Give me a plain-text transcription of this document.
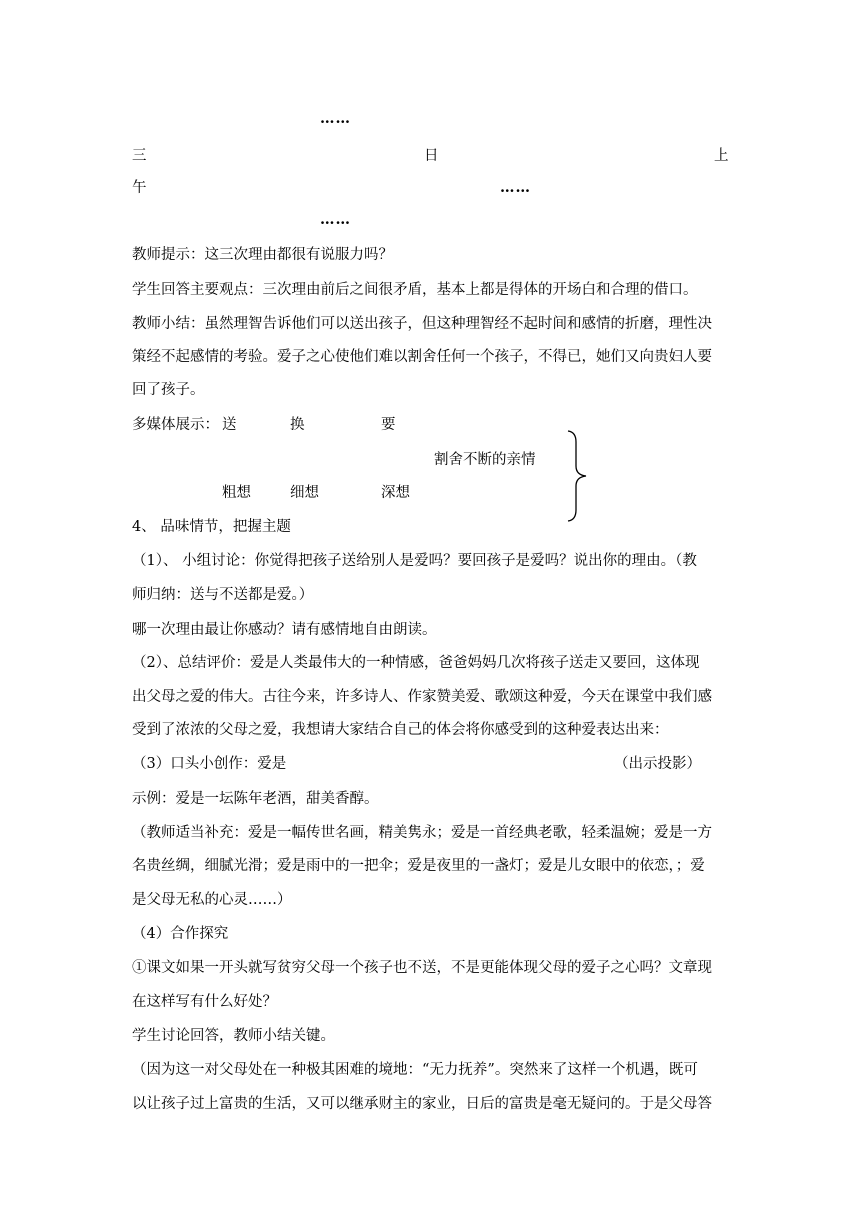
……
三	日	上
午	……
……
教师提示：这三次理由都很有说服力吗？
学生回答主要观点：三次理由前后之间很矛盾，基本上都是得体的开场白和合理的借口。
教师小结：虽然理智告诉他们可以送出孩子，但这种理智经不起时间和感情的折磨，理性决
策经不起感情的考验。爱子之心使他们难以割舍任何一个孩子，不得已，她们又向贵妇人要
回了孩子。
多媒体展示： 送	换	要
割舍不断的亲情
粗想	细想	深想
4、 品味情节，把握主题
（1）、 小组讨论：你觉得把孩子送给别人是爱吗？要回孩子是爱吗？说出你的理由。（教
师归纳：送与不送都是爱。）
哪一次理由最让你感动？请有感情地自由朗读。
（2）、总结评价：爱是人类最伟大的一种情感，爸爸妈妈几次将孩子送走又要回，这体现
出父母之爱的伟大。古往今来，许多诗人、作家赞美爱、歌颂这种爱，今天在课堂中我们感
受到了浓浓的父母之爱，我想请大家结合自己的体会将你感受到的这种爱表达出来：
（3）口头小创作：爱是	（出示投影）
示例：爱是一坛陈年老酒，甜美香醇。
（教师适当补充：爱是一幅传世名画，精美隽永；爱是一首经典老歌，轻柔温婉；爱是一方
名贵丝绸，细腻光滑；爱是雨中的一把伞；爱是夜里的一盏灯；爱是儿女眼中的依恋，；爱
是父母无私的心灵……）
（4）合作探究
①课文如果一开头就写贫穷父母一个孩子也不送，不是更能体现父母的爱子之心吗？文章现
在这样写有什么好处？
学生讨论回答，教师小结关键。
（因为这一对父母处在一种极其困难的境地：“无力抚养”。突然来了这样一个机遇，既可
以让孩子过上富贵的生活，又可以继承财主的家业，日后的富贵是毫无疑问的。于是父母答
